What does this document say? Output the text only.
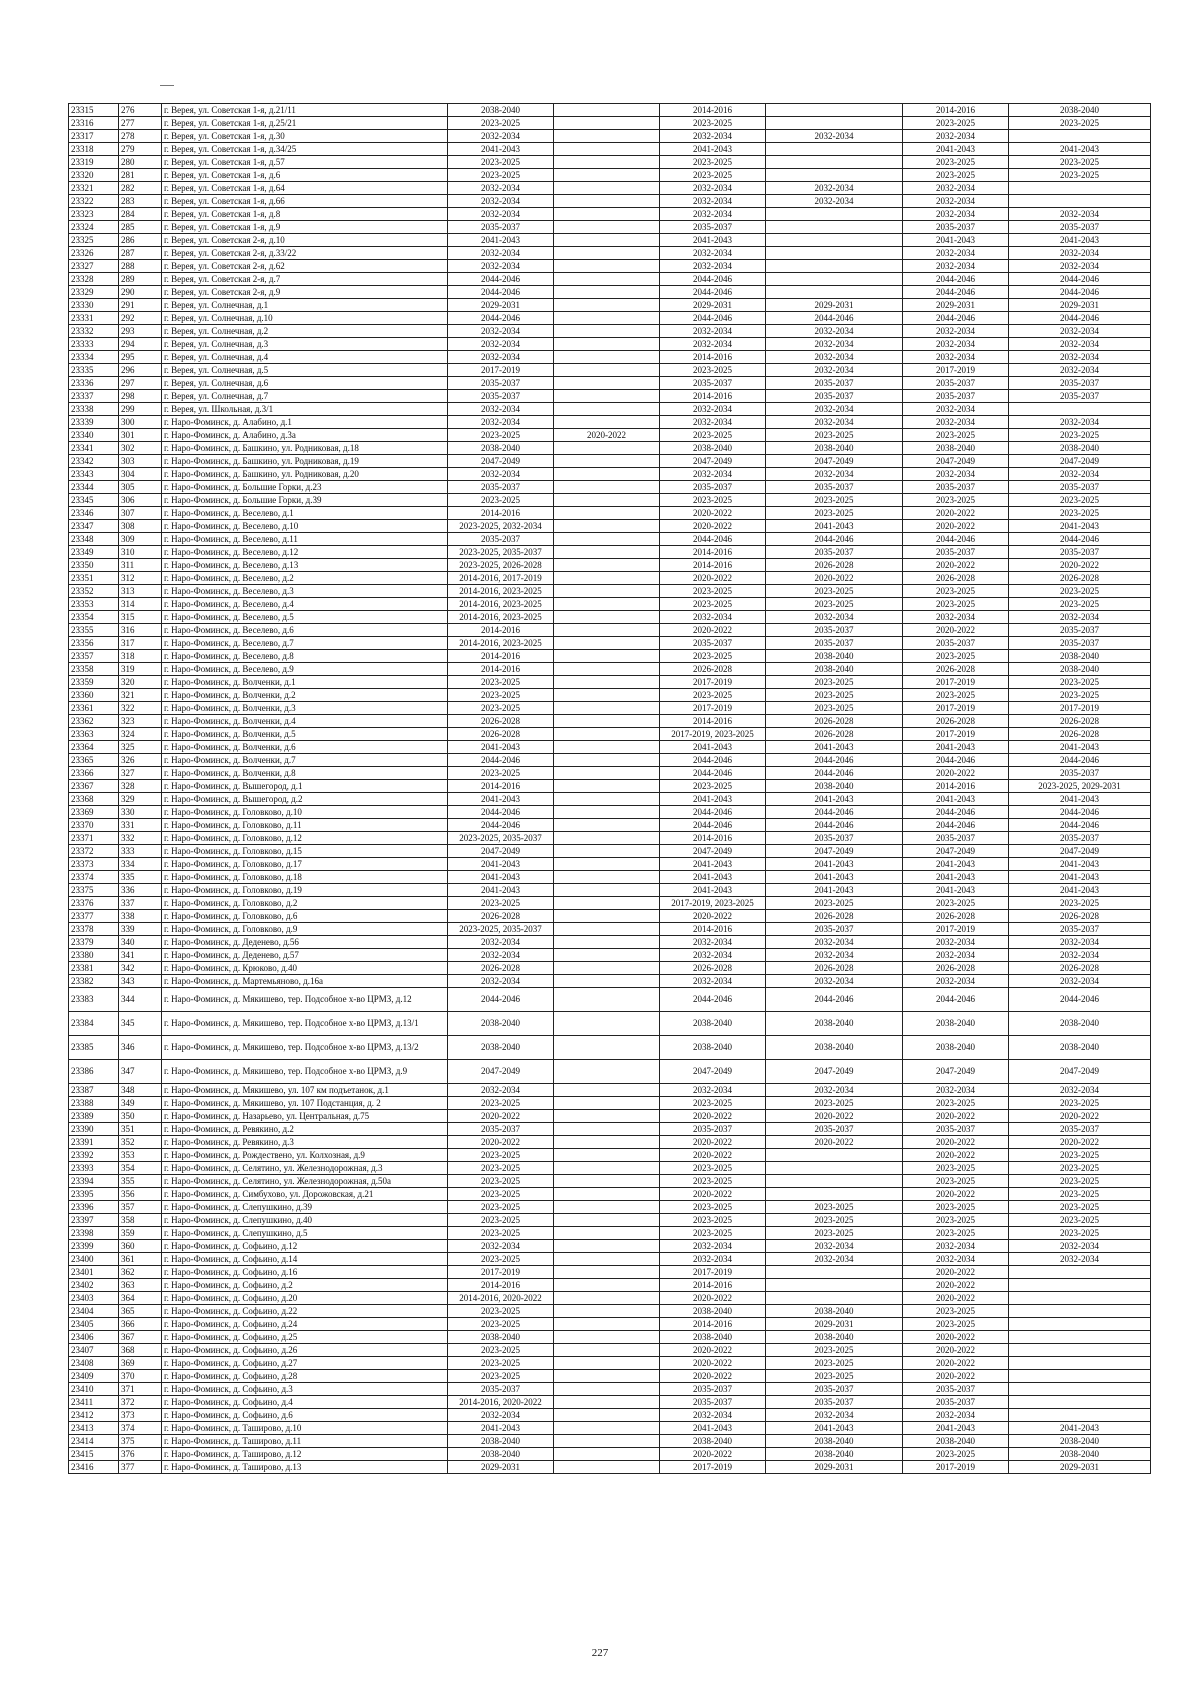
23315	276	г. Верея, ул. Советская 1-я, д.21/11	2038-2040		2014-2016		2014-2016	2038-2040
23316	277	г. Верея, ул. Советская 1-я, д.25/21	2023-2025		2023-2025		2023-2025	2023-2025
23317	278	г. Верея, ул. Советская 1-я, д.30	2032-2034		2032-2034	2032-2034	2032-2034	
23318	279	г. Верея, ул. Советская 1-я, д.34/25	2041-2043		2041-2043		2041-2043	2041-2043
23319	280	г. Верея, ул. Советская 1-я, д.57	2023-2025		2023-2025		2023-2025	2023-2025
23320	281	г. Верея, ул. Советская 1-я, д.6	2023-2025		2023-2025		2023-2025	2023-2025
23321	282	г. Верея, ул. Советская 1-я, д.64	2032-2034		2032-2034	2032-2034	2032-2034	
23322	283	г. Верея, ул. Советская 1-я, д.66	2032-2034		2032-2034	2032-2034	2032-2034	
23323	284	г. Верея, ул. Советская 1-я, д.8	2032-2034		2032-2034		2032-2034	2032-2034
23324	285	г. Верея, ул. Советская 1-я, д.9	2035-2037		2035-2037		2035-2037	2035-2037
23325	286	г. Верея, ул. Советская 2-я, д.10	2041-2043		2041-2043		2041-2043	2041-2043
23326	287	г. Верея, ул. Советская 2-я, д.33/22	2032-2034		2032-2034		2032-2034	2032-2034
23327	288	г. Верея, ул. Советская 2-я, д.62	2032-2034		2032-2034		2032-2034	2032-2034
23328	289	г. Верея, ул. Советская 2-я, д.7	2044-2046		2044-2046		2044-2046	2044-2046
23329	290	г. Верея, ул. Советская 2-я, д.9	2044-2046		2044-2046		2044-2046	2044-2046
23330	291	г. Верея, ул. Солнечная, д.1	2029-2031		2029-2031	2029-2031	2029-2031	2029-2031
23331	292	г. Верея, ул. Солнечная, д.10	2044-2046		2044-2046	2044-2046	2044-2046	2044-2046
23332	293	г. Верея, ул. Солнечная, д.2	2032-2034		2032-2034	2032-2034	2032-2034	2032-2034
23333	294	г. Верея, ул. Солнечная, д.3	2032-2034		2032-2034	2032-2034	2032-2034	2032-2034
23334	295	г. Верея, ул. Солнечная, д.4	2032-2034		2014-2016	2032-2034	2032-2034	2032-2034
23335	296	г. Верея, ул. Солнечная, д.5	2017-2019		2023-2025	2032-2034	2017-2019	2032-2034
23336	297	г. Верея, ул. Солнечная, д.6	2035-2037		2035-2037	2035-2037	2035-2037	2035-2037
23337	298	г. Верея, ул. Солнечная, д.7	2035-2037		2014-2016	2035-2037	2035-2037	2035-2037
23338	299	г. Верея, ул. Школьная, д.3/1	2032-2034		2032-2034	2032-2034	2032-2034	
23339	300	г. Наро-Фоминск, д. Алабино, д.1	2032-2034		2032-2034	2032-2034	2032-2034	2032-2034
23340	301	г. Наро-Фоминск, д. Алабино, д.3а	2023-2025	2020-2022	2023-2025	2023-2025	2023-2025	2023-2025
23341	302	г. Наро-Фоминск, д. Башкино, ул. Родниковая, д.18	2038-2040		2038-2040	2038-2040	2038-2040	2038-2040
23342	303	г. Наро-Фоминск, д. Башкино, ул. Родниковая, д.19	2047-2049		2047-2049	2047-2049	2047-2049	2047-2049
23343	304	г. Наро-Фоминск, д. Башкино, ул. Родниковая, д.20	2032-2034		2032-2034	2032-2034	2032-2034	2032-2034
23344	305	г. Наро-Фоминск, д. Большие Горки, д.23	2035-2037		2035-2037	2035-2037	2035-2037	2035-2037
23345	306	г. Наро-Фоминск, д. Большие Горки, д.39	2023-2025		2023-2025	2023-2025	2023-2025	2023-2025
23346	307	г. Наро-Фоминск, д. Веселево, д.1	2014-2016		2020-2022	2023-2025	2020-2022	2023-2025
23347	308	г. Наро-Фоминск, д. Веселево, д.10	2023-2025, 2032-2034		2020-2022	2041-2043	2020-2022	2041-2043
23348	309	г. Наро-Фоминск, д. Веселево, д.11	2035-2037		2044-2046	2044-2046	2044-2046	2044-2046
23349	310	г. Наро-Фоминск, д. Веселево, д.12	2023-2025, 2035-2037		2014-2016	2035-2037	2035-2037	2035-2037
23350	311	г. Наро-Фоминск, д. Веселево, д.13	2023-2025, 2026-2028		2014-2016	2026-2028	2020-2022	2020-2022
23351	312	г. Наро-Фоминск, д. Веселево, д.2	2014-2016, 2017-2019		2020-2022	2020-2022	2026-2028	2026-2028
23352	313	г. Наро-Фоминск, д. Веселево, д.3	2014-2016, 2023-2025		2023-2025	2023-2025	2023-2025	2023-2025
23353	314	г. Наро-Фоминск, д. Веселево, д.4	2014-2016, 2023-2025		2023-2025	2023-2025	2023-2025	2023-2025
23354	315	г. Наро-Фоминск, д. Веселево, д.5	2014-2016, 2023-2025		2032-2034	2032-2034	2032-2034	2032-2034
23355	316	г. Наро-Фоминск, д. Веселево, д.6	2014-2016		2020-2022	2035-2037	2020-2022	2035-2037
23356	317	г. Наро-Фоминск, д. Веселево, д.7	2014-2016, 2023-2025		2035-2037	2035-2037	2035-2037	2035-2037
23357	318	г. Наро-Фоминск, д. Веселево, д.8	2014-2016		2023-2025	2038-2040	2023-2025	2038-2040
23358	319	г. Наро-Фоминск, д. Веселево, д.9	2014-2016		2026-2028	2038-2040	2026-2028	2038-2040
23359	320	г. Наро-Фоминск, д. Волченки, д.1	2023-2025		2017-2019	2023-2025	2017-2019	2023-2025
23360	321	г. Наро-Фоминск, д. Волченки, д.2	2023-2025		2023-2025	2023-2025	2023-2025	2023-2025
23361	322	г. Наро-Фоминск, д. Волченки, д.3	2023-2025		2017-2019	2023-2025	2017-2019	2017-2019
23362	323	г. Наро-Фоминск, д. Волченки, д.4	2026-2028		2014-2016	2026-2028	2026-2028	2026-2028
23363	324	г. Наро-Фоминск, д. Волченки, д.5	2026-2028		2017-2019, 2023-2025	2026-2028	2017-2019	2026-2028
23364	325	г. Наро-Фоминск, д. Волченки, д.6	2041-2043		2041-2043	2041-2043	2041-2043	2041-2043
23365	326	г. Наро-Фоминск, д. Волченки, д.7	2044-2046		2044-2046	2044-2046	2044-2046	2044-2046
23366	327	г. Наро-Фоминск, д. Волченки, д.8	2023-2025		2044-2046	2044-2046	2020-2022	2035-2037
23367	328	г. Наро-Фоминск, д. Вышегород, д.1	2014-2016		2023-2025	2038-2040	2014-2016	2023-2025, 2029-2031
23368	329	г. Наро-Фоминск, д. Вышегород, д.2	2041-2043		2041-2043	2041-2043	2041-2043	2041-2043
23369	330	г. Наро-Фоминск, д. Головково, д.10	2044-2046		2044-2046	2044-2046	2044-2046	2044-2046
23370	331	г. Наро-Фоминск, д. Головково, д.11	2044-2046		2044-2046	2044-2046	2044-2046	2044-2046
23371	332	г. Наро-Фоминск, д. Головково, д.12	2023-2025, 2035-2037		2014-2016	2035-2037	2035-2037	2035-2037
23372	333	г. Наро-Фоминск, д. Головково, д.15	2047-2049		2047-2049	2047-2049	2047-2049	2047-2049
23373	334	г. Наро-Фоминск, д. Головково, д.17	2041-2043		2041-2043	2041-2043	2041-2043	2041-2043
23374	335	г. Наро-Фоминск, д. Головково, д.18	2041-2043		2041-2043	2041-2043	2041-2043	2041-2043
23375	336	г. Наро-Фоминск, д. Головково, д.19	2041-2043		2041-2043	2041-2043	2041-2043	2041-2043
23376	337	г. Наро-Фоминск, д. Головково, д.2	2023-2025		2017-2019, 2023-2025	2023-2025	2023-2025	2023-2025
23377	338	г. Наро-Фоминск, д. Головково, д.6	2026-2028		2020-2022	2026-2028	2026-2028	2026-2028
23378	339	г. Наро-Фоминск, д. Головково, д.9	2023-2025, 2035-2037		2014-2016	2035-2037	2017-2019	2035-2037
23379	340	г. Наро-Фоминск, д. Деденево, д.56	2032-2034		2032-2034	2032-2034	2032-2034	2032-2034
23380	341	г. Наро-Фоминск, д. Деденево, д.57	2032-2034		2032-2034	2032-2034	2032-2034	2032-2034
23381	342	г. Наро-Фоминск, д. Крюково, д.40	2026-2028		2026-2028	2026-2028	2026-2028	2026-2028
23382	343	г. Наро-Фоминск, д. Мартемьяново, д.16а	2032-2034		2032-2034	2032-2034	2032-2034	2032-2034
23383	344	г. Наро-Фоминск, д. Мякишево, тер. Подсобное х-во ЦРМЗ, д.12	2044-2046		2044-2046	2044-2046	2044-2046	2044-2046
23384	345	г. Наро-Фоминск, д. Мякишево, тер. Подсобное х-во ЦРМЗ, д.13/1	2038-2040		2038-2040	2038-2040	2038-2040	2038-2040
23385	346	г. Наро-Фоминск, д. Мякишево, тер. Подсобное х-во ЦРМЗ, д.13/2	2038-2040		2038-2040	2038-2040	2038-2040	2038-2040
23386	347	г. Наро-Фоминск, д. Мякишево, тер. Подсобное х-во ЦРМЗ, д.9	2047-2049		2047-2049	2047-2049	2047-2049	2047-2049
23387	348	г. Наро-Фоминск, д. Мякишево, ул. 107 км подъетанок, д.1	2032-2034		2032-2034	2032-2034	2032-2034	2032-2034
23388	349	г. Наро-Фоминск, д. Мякишево, ул. 107 Подстанция, д. 2	2023-2025		2023-2025	2023-2025	2023-2025	2023-2025
23389	350	г. Наро-Фоминск, д. Назарьево, ул. Центральная, д.75	2020-2022		2020-2022	2020-2022	2020-2022	2020-2022
23390	351	г. Наро-Фоминск, д. Ревякино, д.2	2035-2037		2035-2037	2035-2037	2035-2037	2035-2037
23391	352	г. Наро-Фоминск, д. Ревякино, д.3	2020-2022		2020-2022	2020-2022	2020-2022	2020-2022
23392	353	г. Наро-Фоминск, д. Рождествено, ул. Колхозная, д.9	2023-2025		2020-2022		2020-2022	2023-2025
23393	354	г. Наро-Фоминск, д. Селятино, ул. Железнодорожная, д.3	2023-2025		2023-2025		2023-2025	2023-2025
23394	355	г. Наро-Фоминск, д. Селятино, ул. Железнодорожная, д.50а	2023-2025		2023-2025		2023-2025	2023-2025
23395	356	г. Наро-Фоминск, д. Симбухово, ул. Дорожовская, д.21	2023-2025		2020-2022		2020-2022	2023-2025
23396	357	г. Наро-Фоминск, д. Слепушкино, д.39	2023-2025		2023-2025	2023-2025	2023-2025	2023-2025
23397	358	г. Наро-Фоминск, д. Слепушкино, д.40	2023-2025		2023-2025	2023-2025	2023-2025	2023-2025
23398	359	г. Наро-Фоминск, д. Слепушкино, д.5	2023-2025		2023-2025	2023-2025	2023-2025	2023-2025
23399	360	г. Наро-Фоминск, д. Софьино, д.12	2032-2034		2032-2034	2032-2034	2032-2034	2032-2034
23400	361	г. Наро-Фоминск, д. Софьино, д.14	2023-2025		2032-2034	2032-2034	2032-2034	2032-2034
23401	362	г. Наро-Фоминск, д. Софьино, д.16	2017-2019		2017-2019		2020-2022	
23402	363	г. Наро-Фоминск, д. Софьино, д.2	2014-2016		2014-2016		2020-2022	
23403	364	г. Наро-Фоминск, д. Софьино, д.20	2014-2016, 2020-2022		2020-2022		2020-2022	
23404	365	г. Наро-Фоминск, д. Софьино, д.22	2023-2025		2038-2040	2038-2040	2023-2025	
23405	366	г. Наро-Фоминск, д. Софьино, д.24	2023-2025		2014-2016	2029-2031	2023-2025	
23406	367	г. Наро-Фоминск, д. Софьино, д.25	2038-2040		2038-2040	2038-2040	2020-2022	
23407	368	г. Наро-Фоминск, д. Софьино, д.26	2023-2025		2020-2022	2023-2025	2020-2022	
23408	369	г. Наро-Фоминск, д. Софьино, д.27	2023-2025		2020-2022	2023-2025	2020-2022	
23409	370	г. Наро-Фоминск, д. Софьино, д.28	2023-2025		2020-2022	2023-2025	2020-2022	
23410	371	г. Наро-Фоминск, д. Софьино, д.3	2035-2037		2035-2037	2035-2037	2035-2037	
23411	372	г. Наро-Фоминск, д. Софьино, д.4	2014-2016, 2020-2022		2035-2037	2035-2037	2035-2037	
23412	373	г. Наро-Фоминск, д. Софьино, д.6	2032-2034		2032-2034	2032-2034	2032-2034	
23413	374	г. Наро-Фоминск, д. Таширово, д.10	2041-2043		2041-2043	2041-2043	2041-2043	2041-2043
23414	375	г. Наро-Фоминск, д. Таширово, д.11	2038-2040		2038-2040	2038-2040	2038-2040	2038-2040
23415	376	г. Наро-Фоминск, д. Таширово, д.12	2038-2040		2020-2022	2038-2040	2023-2025	2038-2040
23416	377	г. Наро-Фоминск, д. Таширово, д.13	2029-2031		2017-2019	2029-2031	2017-2019	2029-2031
227
